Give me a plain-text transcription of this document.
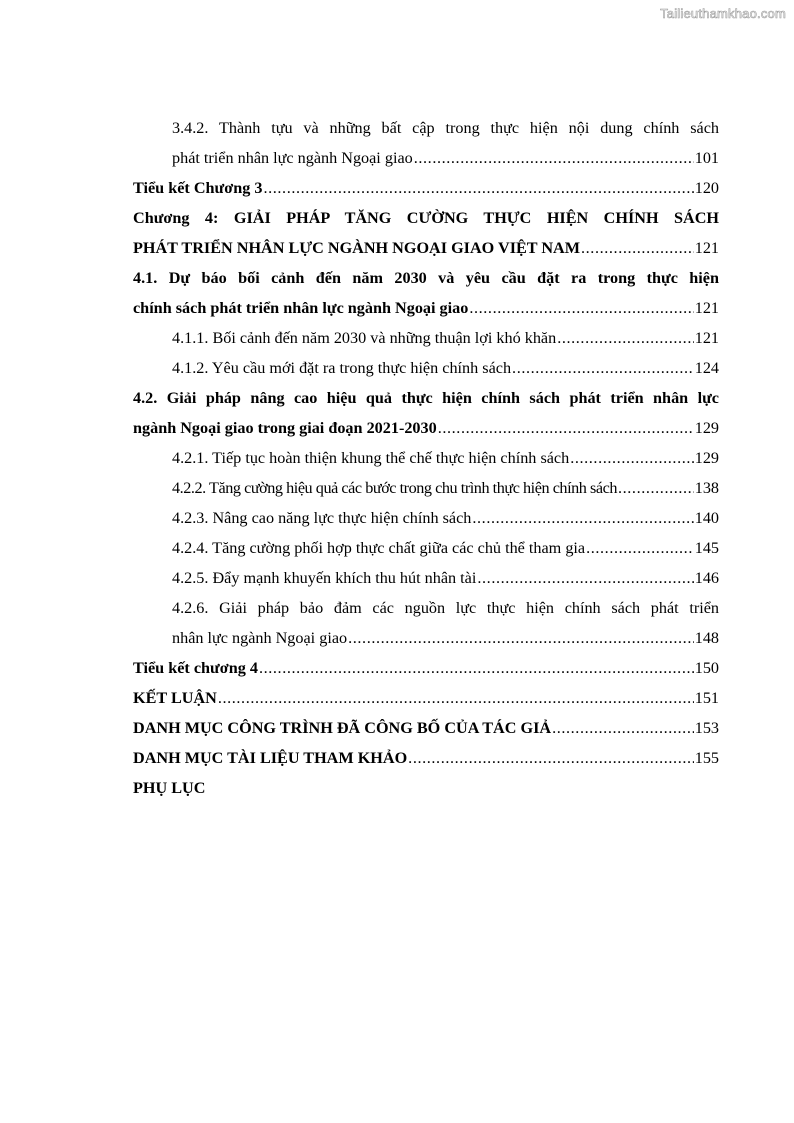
Tailieuthamkhao.com
3.4.2. Thành tựu và những bất cập trong thực hiện nội dung chính sách
phát triển nhân lực ngành Ngoại giao .....	101
Tiểu kết Chương 3 .....	120
Chương 4: GIẢI PHÁP TĂNG CƯỜNG THỰC HIỆN CHÍNH SÁCH
PHÁT TRIỂN NHÂN LỰC NGÀNH NGOẠI GIAO VIỆT NAM .....	121
4.1. Dự báo bối cảnh đến năm 2030 và yêu cầu đặt ra trong thực hiện
chính sách phát triển nhân lực ngành Ngoại giao .....	121
4.1.1. Bối cảnh đến năm 2030 và những thuận lợi khó khăn .....	121
4.1.2. Yêu cầu mới đặt ra trong thực hiện chính sách .....	124
4.2. Giải pháp nâng cao hiệu quả thực hiện chính sách phát triển nhân lực
ngành Ngoại giao trong giai đoạn 2021-2030 .....	129
4.2.1. Tiếp tục hoàn thiện khung thể chế thực hiện chính sách .....	129
4.2.2. Tăng cường hiệu quả các bước trong chu trình thực hiện chính sách .....	138
4.2.3. Nâng cao năng lực thực hiện chính sách .....	140
4.2.4. Tăng cường phối hợp thực chất giữa các chủ thể tham gia .....	145
4.2.5. Đẩy mạnh khuyến khích thu hút nhân tài .....	146
4.2.6. Giải pháp bảo đảm các nguồn lực thực hiện chính sách phát triển
nhân lực ngành Ngoại giao .....	148
Tiểu kết chương 4 .....	150
KẾT LUẬN .....	151
DANH MỤC CÔNG TRÌNH ĐÃ CÔNG BỐ CỦA TÁC GIẢ .....	153
DANH MỤC TÀI LIỆU THAM KHẢO .....	155
PHỤ LỤC
